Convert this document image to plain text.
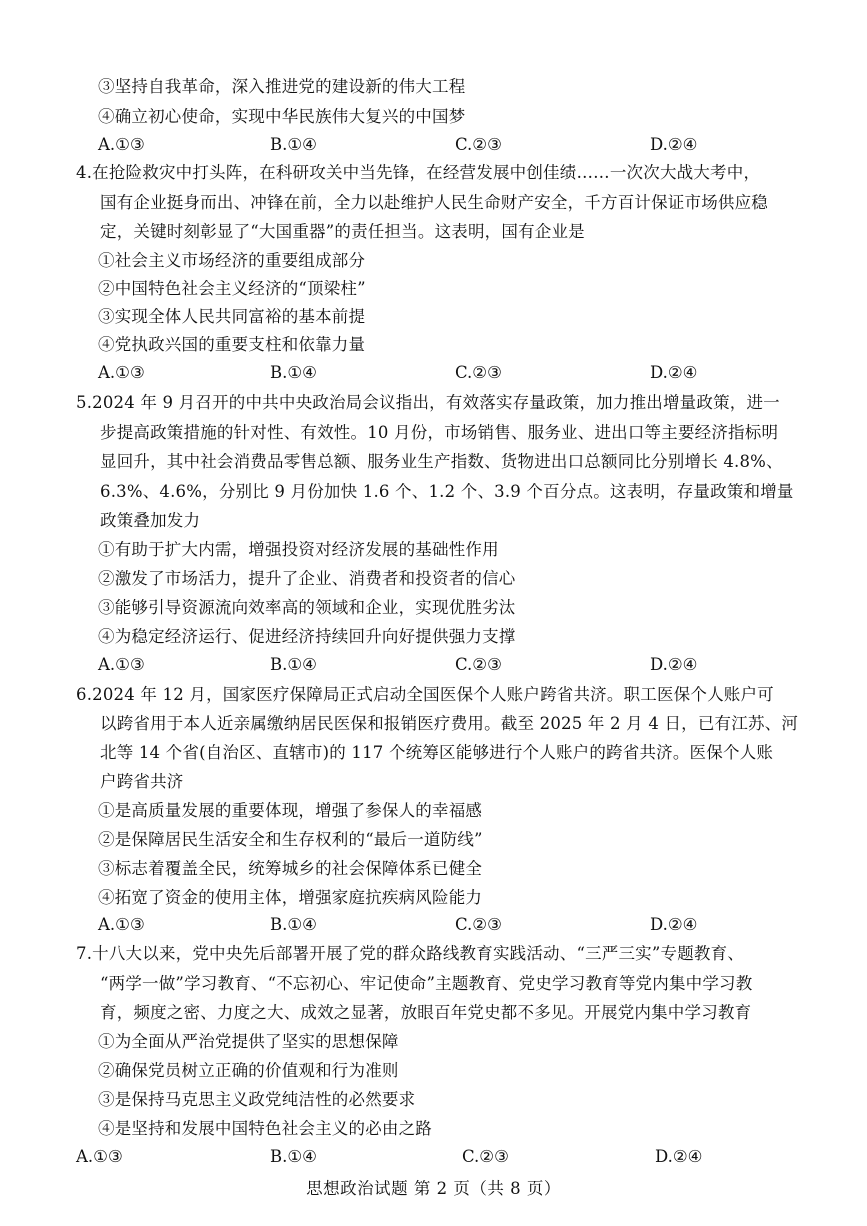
③坚持自我革命，深入推进党的建设新的伟大工程
④确立初心使命，实现中华民族伟大复兴的中国梦
A.①③	B.①④	C.②③	D.②④
4.在抢险救灾中打头阵，在科研攻关中当先锋，在经营发展中创佳绩……一次次大战大考中，
国有企业挺身而出、冲锋在前，全力以赴维护人民生命财产安全，千方百计保证市场供应稳
定，关键时刻彰显了“大国重器”的责任担当。这表明，国有企业是
①社会主义市场经济的重要组成部分
②中国特色社会主义经济的“顶梁柱”
③实现全体人民共同富裕的基本前提
④党执政兴国的重要支柱和依靠力量
A.①③	B.①④	C.②③	D.②④
5.2024 年 9 月召开的中共中央政治局会议指出，有效落实存量政策，加力推出增量政策，进一
步提高政策措施的针对性、有效性。10 月份，市场销售、服务业、进出口等主要经济指标明
显回升，其中社会消费品零售总额、服务业生产指数、货物进出口总额同比分别增长 4.8%、
6.3%、4.6%，分别比 9 月份加快 1.6 个、1.2 个、3.9 个百分点。这表明，存量政策和增量
政策叠加发力
①有助于扩大内需，增强投资对经济发展的基础性作用
②激发了市场活力，提升了企业、消费者和投资者的信心
③能够引导资源流向效率高的领域和企业，实现优胜劣汰
④为稳定经济运行、促进经济持续回升向好提供强力支撑
A.①③	B.①④	C.②③	D.②④
6.2024 年 12 月，国家医疗保障局正式启动全国医保个人账户跨省共济。职工医保个人账户可
以跨省用于本人近亲属缴纳居民医保和报销医疗费用。截至 2025 年 2 月 4 日，已有江苏、河
北等 14 个省(自治区、直辖市)的 117 个统筹区能够进行个人账户的跨省共济。医保个人账
户跨省共济
①是高质量发展的重要体现，增强了参保人的幸福感
②是保障居民生活安全和生存权利的“最后一道防线”
③标志着覆盖全民，统筹城乡的社会保障体系已健全
④拓宽了资金的使用主体，增强家庭抗疾病风险能力
A.①③	B.①④	C.②③	D.②④
7.十八大以来，党中央先后部署开展了党的群众路线教育实践活动、“三严三实”专题教育、
“两学一做”学习教育、“不忘初心、牢记使命”主题教育、党史学习教育等党内集中学习教
育，频度之密、力度之大、成效之显著，放眼百年党史都不多见。开展党内集中学习教育
①为全面从严治党提供了坚实的思想保障
②确保党员树立正确的价值观和行为准则
③是保持马克思主义政党纯洁性的必然要求
④是坚持和发展中国特色社会主义的必由之路
A.①③	B.①④	C.②③	D.②④
思想政治试题 第 2 页（共 8 页）
